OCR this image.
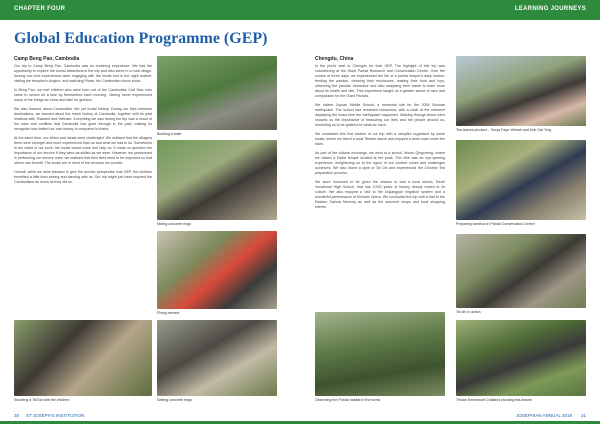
CHAPTER FOUR	LEARNING JOURNEYS
Global Education Programme (GEP)
Camp Beng Pao, Cambodia

Our trip to Camp Beng Pao, Cambodia was an enriching experience. We had the opportunity to explore the tourist attractions in the city and also serve in a rural village. Among our civic experiences were engaging with the locals and in the night market, visiting the temples in Angkor, and watching Phare, the Cambodian circus show.

In Beng Pao, we met children who were born out of the Cambodian Civil War, who came to school on a bike by themselves each morning. Having never experienced many of the things we know and take for granted.

We also learned about Cambodia's rich yet brutal history. During our trips between destinations, we learned about the harsh history of Cambodia, together with its past relations with Thailand and Vietnam. Everything we saw during the trip was a result of the wars and conflicts that Cambodia had gone through in the past, making us recognise how limited our own history is compared to theirs.

At the same time, our ethics and ideals were challenged. We realised that the villagers there were stronger and more experienced than us and what we had to do. Sometimes in the midst of our work, the locals would come and help us. It made us question the importance of our service if they were as skilled as we were. However, we persevered in performing our service roles; we realised that their lives need to be improved so that others can benefit. The locals are in need of the services we provide.

Overall, while we were blessed to give the service perspective that GEP, the children benefited a little from seeing and dancing with us. Our trip might just have inspired the Cambodians as much as they did us.

Building a toilet
Mixing concrete rings
Fixing cement
Shooting a TikTok with the children	Setting concrete rings
Chengdu, China

In the pilot's seat to Chengdu for their GEP. The highlight of this trip was volunteering at the Giant Panda Research and Conservation Centre. Over the course of three days, we experienced the life of a panda keeper's daily routine: feeding the pandas, cleaning their enclosures, making their food and toys, observing the pandas' behaviour and also analysing their waste to learn more about its health and diet. This experience taught us a greater sense of care and compassion for the Giant Pandas.

We visited Juyuan Middle School, a memorial site for the 2008 Sichuan earthquake. The school had remained untouched, with a clock at the entrance displaying the exact time the earthquake happened. Walking through these ruins showed us the importance of treasuring our lives and the people around us, reminding us to be grateful for what we have.

We concluded this first section of our trip with a campfire organised by some locals, where we learnt a local Tibetan dance and enjoyed a lamb roast under the stars.

As part of the cultural exchange, we went to a school, Mount Qingcheng, where we visited a Taoist temple located at the peak. The hike was an eye-opening experience, enlightening us to the rigour of our comfort zones and challenges ourselves. We also learnt a style of Tai Chi and experienced the Chinese Tea preparation process.

We were honoured to be given the chance to visit a local school, Dezhi Vocational High School, that has 2,000 years of history deeply rooted in its culture. We also enjoyed a visit to the Dujiangyan Irrigation system and a wonderful performance of Sichuan Opera. We concluded the trip with a visit to the Eastern Sakura Memory as well as the souvenir shops and local shopping streets.

Observing the Panda habitat in the forest
Tea-leaves plucked – Surya Faye Velinah and Dok Gat Ying
Preparing bamboo in Panda Conservation Centre
Tai chi in action
Tristan Emmanuel Chaliand plucking tea-leaves
30 ST JOSEPH'S INSTITUTION	JOSEPHIAN ANNUAL 2019 31
